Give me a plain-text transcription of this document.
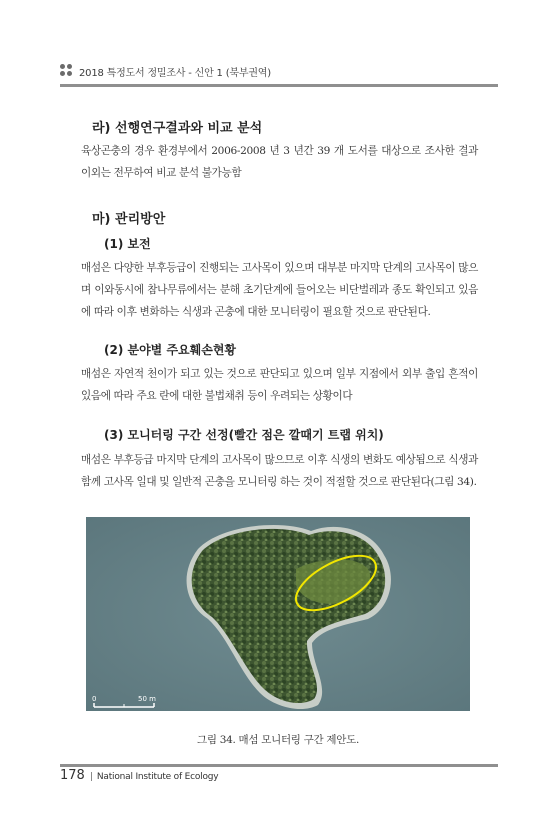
2018 특정도서 정밀조사 - 신안 1 (북부권역)
라) 선행연구결과와 비교 분석

육상곤충의 경우 환경부에서 2006-2008 년 3 년간 39 개 도서를 대상으로 조사한 결과 이외는 전무하여 비교 분석 불가능함

마) 관리방안
(1) 보전

매섬은 다양한 부후등급이 진행되는 고사목이 있으며 대부분 마지막 단계의 고사목이 많으며 이와동시에 참나무류에서는 분해 초기단계에 들어오는 비단벌레과 종도 확인되고 있음에 따라 이후 변화하는 식생과 곤충에 대한 모니터링이 필요할 것으로 판단된다.

(2) 분야별 주요훼손현황

매섬은 자연적 천이가 되고 있는 것으로 판단되고 있으며 일부 지점에서 외부 출입 흔적이 있음에 따라 주요 란에 대한 불법채취 등이 우려되는 상황이다

(3) 모니터링 구간 선정(빨간 점은 깔때기 트랩 위치)

매섬은 부후등급 마지막 단계의 고사목이 많으므로 이후 식생의 변화도 예상됨으로 식생과 함께 고사목 일대 및 일반적 곤충을 모니터링 하는 것이 적절할 것으로 판단된다(그림 34).

0	50 m
그림 34. 매섬 모니터링 구간 제안도.
178 | National Institute of Ecology
